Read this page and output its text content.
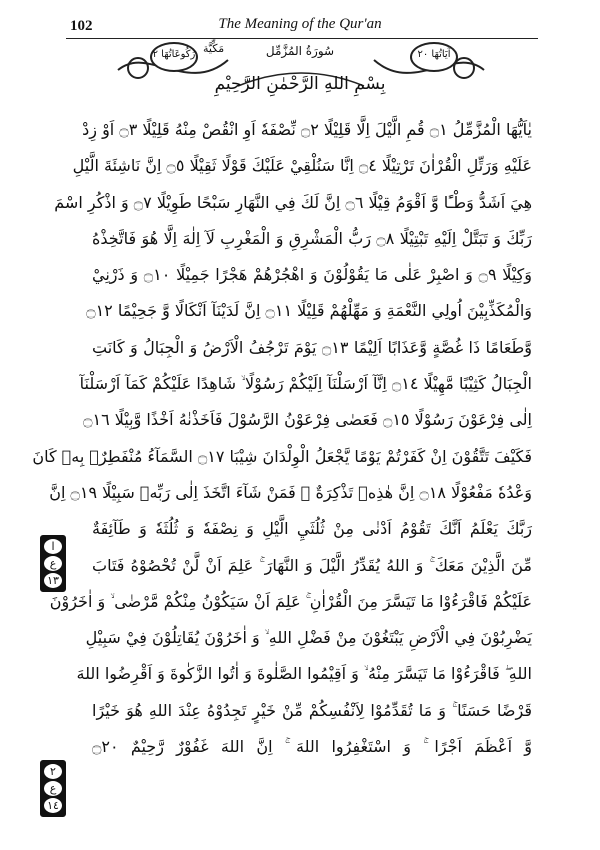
102	The Meaning of the Qur'an
رُكُوعَاتُهَا ٢	آيَاتُهَا ٢٠
مَكِّيَّة	سُورَةُ المُزَّمِّل
بِسْمِ اللهِ الرَّحْمٰنِ الرَّحِيْمِ
يٰاَيُّهَا الْمُزَّمِّلُ ۝١ قُمِ الَّيْلَ اِلَّا قَلِيْلًا ۝٢ نِّصْفَهٗ اَوِ انْقُصْ مِنْهُ قَلِيْلًا ۝٣ اَوْ زِدْ
عَلَيْهِ وَرَتِّلِ الْقُرْاٰنَ تَرْتِيْلًا ۝٤ اِنَّا سَنُلْقِيْ عَلَيْكَ قَوْلًا ثَقِيْلًا ۝٥ اِنَّ نَاشِئَةَ الَّيْلِ
هِيَ اَشَدُّ وَطْـًٔا وَّ اَقْوَمُ قِيْلًا ۝٦ اِنَّ لَكَ فِي النَّهَارِ سَبْحًا طَوِيْلًا ۝٧ وَ اذْكُرِ اسْمَ
رَبِّكَ وَ تَبَتَّلْ اِلَيْهِ تَبْتِيْلًا ۝٨ رَبُّ الْمَشْرِقِ وَ الْمَغْرِبِ لَآ اِلٰهَ اِلَّا هُوَ فَاتَّخِذْهُ
وَكِيْلًا ۝٩ وَ اصْبِرْ عَلٰى مَا يَقُوْلُوْنَ وَ اهْجُرْهُمْ هَجْرًا جَمِيْلًا ۝١٠ وَ ذَرْنِيْ
وَالْمُكَذِّبِيْنَ اُولِي النَّعْمَةِ وَ مَهِّلْهُمْ قَلِيْلًا ۝١١ اِنَّ لَدَيْنَآ اَنْكَالًا وَّ جَحِيْمًا ۝١٢
وَّطَعَامًا ذَا غُصَّةٍ وَّعَذَابًا اَلِيْمًا ۝١٣ يَوْمَ تَرْجُفُ الْاَرْضُ وَ الْجِبَالُ وَ كَانَتِ
الْجِبَالُ كَثِيْبًا مَّهِيْلًا ۝١٤ اِنَّآ اَرْسَلْنَآ اِلَيْكُمْ رَسُوْلًا ۙ شَاهِدًا عَلَيْكُمْ كَمَآ اَرْسَلْنَآ
اِلٰى فِرْعَوْنَ رَسُوْلًا ۝١٥ فَعَصٰى فِرْعَوْنُ الرَّسُوْلَ فَاَخَذْنٰهُ اَخْذًا وَّبِيْلًا ۝١٦
فَكَيْفَ تَتَّقُوْنَ اِنْ كَفَرْتُمْ يَوْمًا يَّجْعَلُ الْوِلْدَانَ شِيْبَا ۝١٧ السَّمَآءُ مُنْفَطِرٌۢ بِهٖ كَانَ
وَعْدُهٗ مَفْعُوْلًا ۝١٨ اِنَّ هٰذِهٖ تَذْكِرَةٌ ۚ فَمَنْ شَآءَ اتَّخَذَ اِلٰى رَبِّهٖ سَبِيْلًا ۝١٩ اِنَّ
رَبَّكَ يَعْلَمُ اَنَّكَ تَقُوْمُ اَدْنٰى مِنْ ثُلُثَيِ الَّيْلِ وَ نِصْفَهٗ وَ ثُلُثَهٗ وَ طَآئِفَةٌ
مِّنَ الَّذِيْنَ مَعَكَ ۚ وَ اللهُ يُقَدِّرُ الَّيْلَ وَ النَّهَارَ ۚ عَلِمَ اَنْ لَّنْ تُحْصُوْهُ فَتَابَ
عَلَيْكُمْ فَاقْرَءُوْا مَا تَيَسَّرَ مِنَ الْقُرْاٰنِ ۚ عَلِمَ اَنْ سَيَكُوْنُ مِنْكُمْ مَّرْضٰى ۙ وَ اٰخَرُوْنَ
يَضْرِبُوْنَ فِي الْاَرْضِ يَبْتَغُوْنَ مِنْ فَضْلِ اللهِ ۙ وَ اٰخَرُوْنَ يُقَاتِلُوْنَ فِيْ سَبِيْلِ
اللهِ ۖ فَاقْرَءُوْا مَا تَيَسَّرَ مِنْهُ ۙ وَ اَقِيْمُوا الصَّلٰوةَ وَ اٰتُوا الزَّكٰوةَ وَ اَقْرِضُوا اللهَ
قَرْضًا حَسَنًا ۚ وَ مَا تُقَدِّمُوْا لِاَنْفُسِكُمْ مِّنْ خَيْرٍ تَجِدُوْهُ عِنْدَ اللهِ هُوَ خَيْرًا
وَّ اَعْظَمَ اَجْرًا ۚ وَ اسْتَغْفِرُوا اللهَ ۚ اِنَّ اللهَ غَفُوْرٌ رَّحِيْمٌ ۝٢٠
ا
ع
١٣
٢
ع
١٤
